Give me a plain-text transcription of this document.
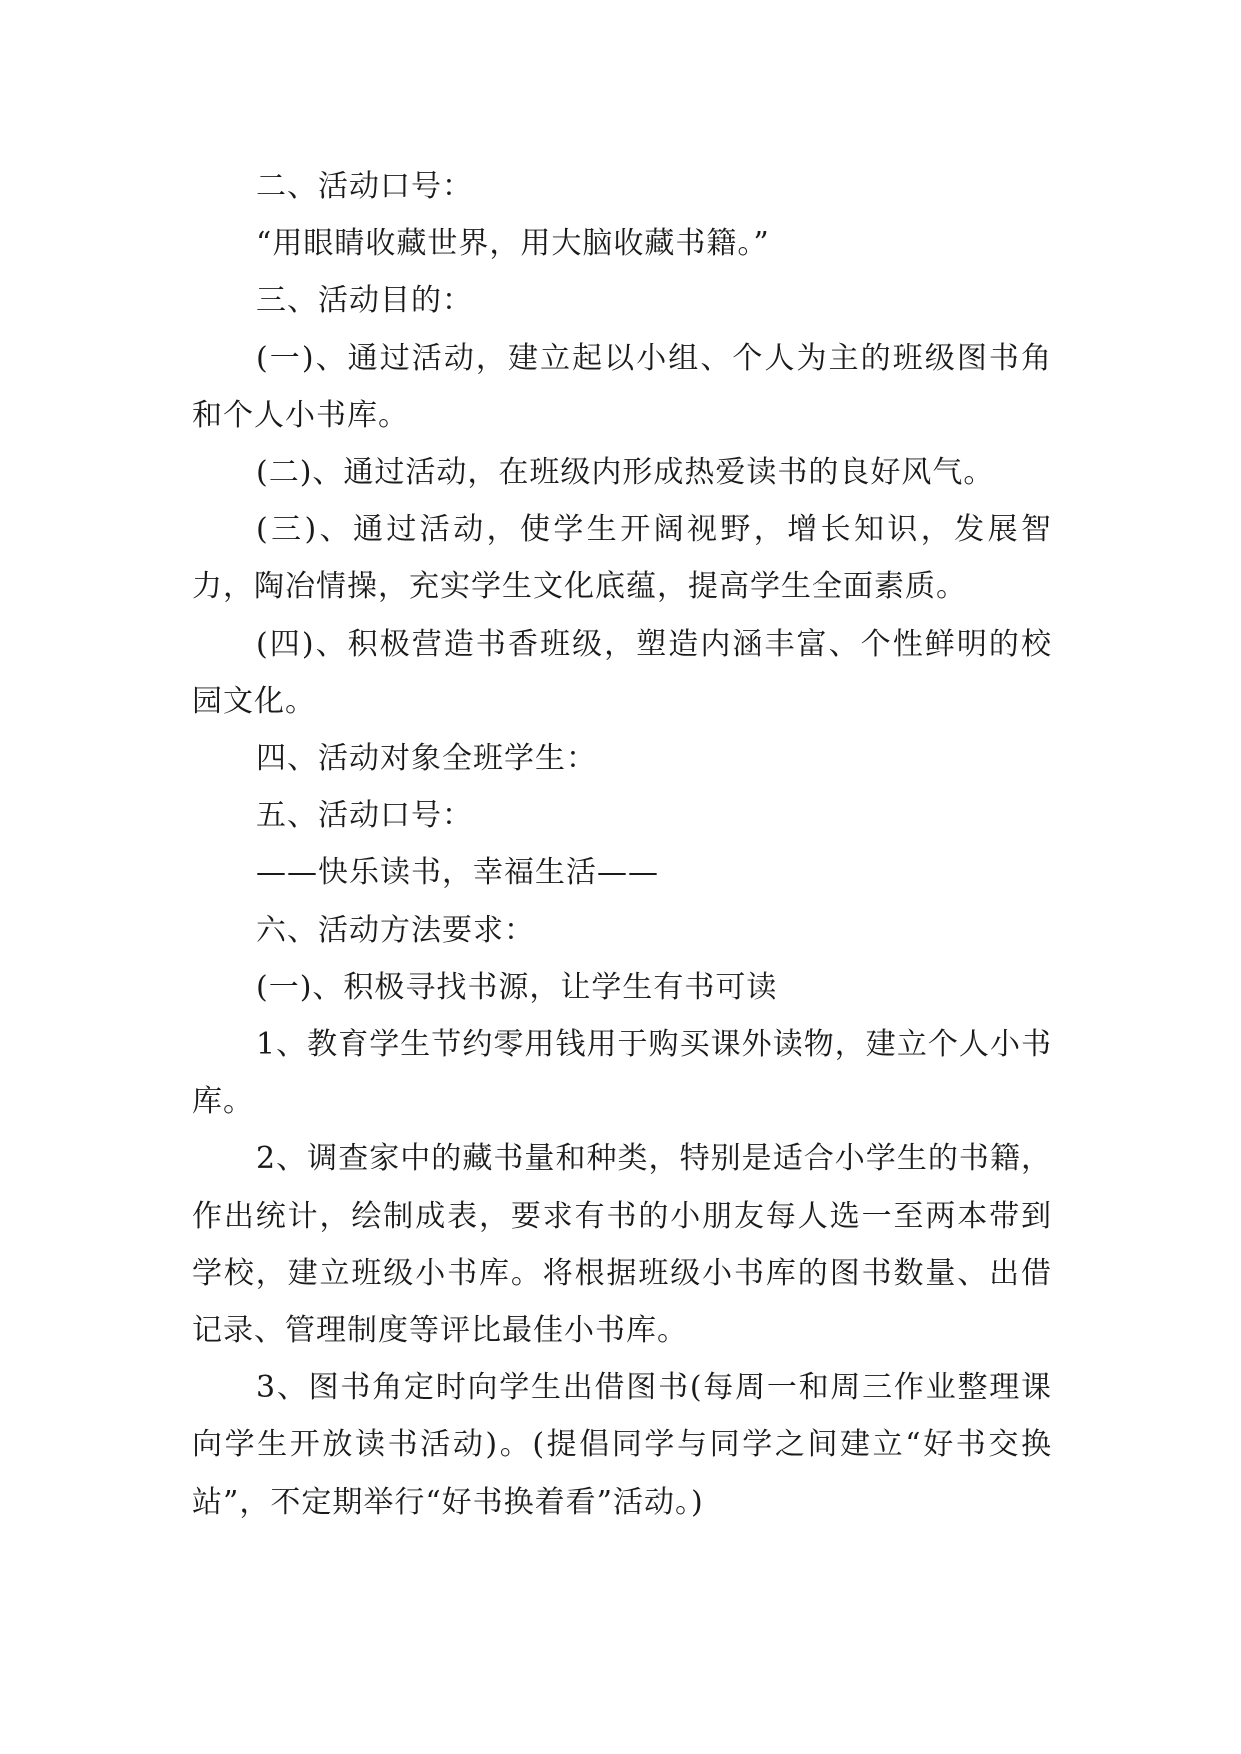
二、活动口号：

“用眼睛收藏世界，用大脑收藏书籍。”

三、活动目的：

(一)、通过活动，建立起以小组、个人为主的班级图书角和个人小书库。

(二)、通过活动，在班级内形成热爱读书的良好风气。

(三)、通过活动，使学生开阔视野，增长知识，发展智力，陶冶情操，充实学生文化底蕴，提高学生全面素质。

(四)、积极营造书香班级，塑造内涵丰富、个性鲜明的校园文化。

四、活动对象全班学生：

五、活动口号：

——快乐读书，幸福生活——

六、活动方法要求：

(一)、积极寻找书源，让学生有书可读

1、教育学生节约零用钱用于购买课外读物，建立个人小书库。

2、调查家中的藏书量和种类，特别是适合小学生的书籍，作出统计，绘制成表，要求有书的小朋友每人选一至两本带到学校，建立班级小书库。将根据班级小书库的图书数量、出借记录、管理制度等评比最佳小书库。

3、图书角定时向学生出借图书(每周一和周三作业整理课向学生开放读书活动)。(提倡同学与同学之间建立“好书交换站”，不定期举行“好书换着看”活动。)
